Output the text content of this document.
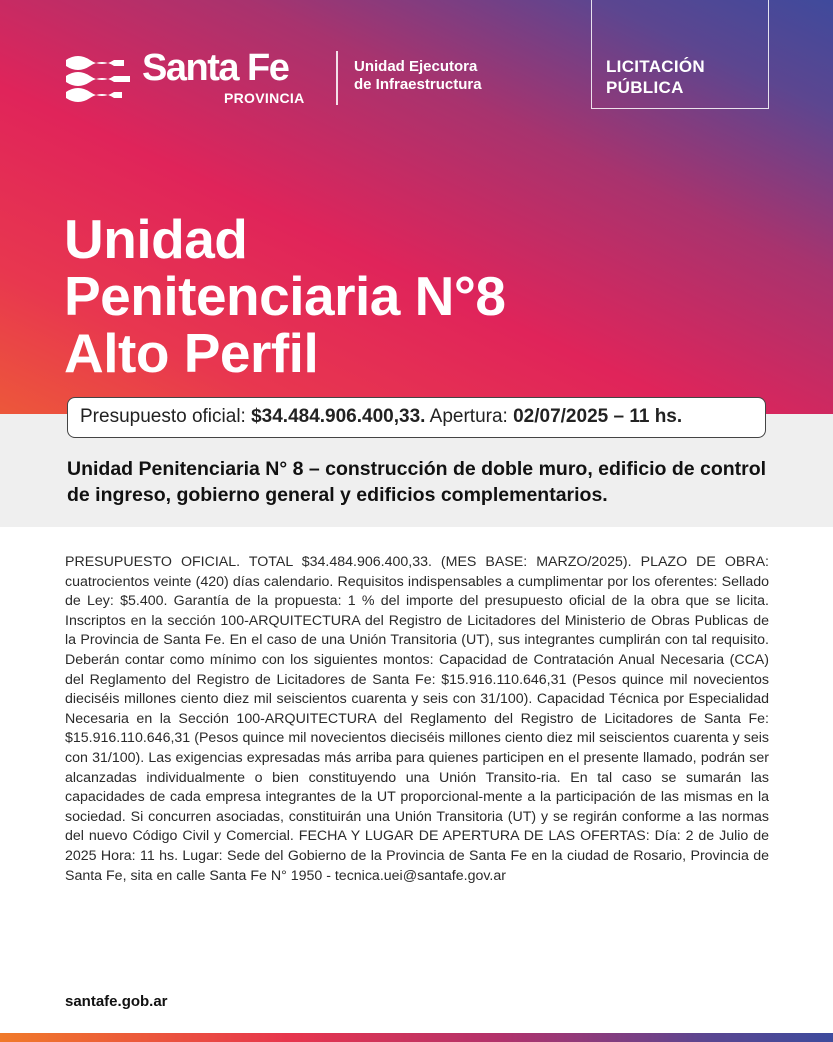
Santa Fe
PROVINCIA
Unidad Ejecutora
de Infraestructura
LICITACIÓN
PÚBLICA
Unidad
Penitenciaria N°8
Alto Perfil
Presupuesto oficial: $34.484.906.400,33. Apertura: 02/07/2025 – 11 hs.
Unidad Penitenciaria N° 8 – construcción de doble muro, edificio de control de ingreso, gobierno general y edificios complementarios.
PRESUPUESTO OFICIAL. TOTAL $34.484.906.400,33. (MES BASE: MARZO/2025). PLAZO DE OBRA: cuatrocientos veinte (420) días calendario. Requisitos indispensables a cumplimentar por los oferentes: Sellado de Ley: $5.400. Garantía de la propuesta: 1 % del importe del presupuesto oficial de la obra que se licita. Inscriptos en la sección 100-ARQUITECTURA del Registro de Licitadores del Ministerio de Obras Publicas de la Provincia de Santa Fe. En el caso de una Unión Transitoria (UT), sus integrantes cumplirán con tal requisito. Deberán contar como mínimo con los siguientes montos: Capacidad de Contratación Anual Necesaria (CCA) del Reglamento del Registro de Licitadores de Santa Fe: $15.916.110.646,31 (Pesos quince mil novecientos dieciséis millones ciento diez mil seiscientos cuarenta y seis con 31/100). Capacidad Técnica por Especialidad Necesaria en la Sección 100-ARQUITECTURA del Reglamento del Registro de Licitadores de Santa Fe: $15.916.110.646,31 (Pesos quince mil novecientos dieciséis millones ciento diez mil seiscientos cuarenta y seis con 31/100). Las exigencias expresadas más arriba para quienes participen en el presente llamado, podrán ser alcanzadas individualmente o bien constituyendo una Unión Transito-ria. En tal caso se sumarán las capacidades de cada empresa integrantes de la UT proporcional-mente a la participación de las mismas en la sociedad. Si concurren asociadas, constituirán una Unión Transitoria (UT) y se regirán conforme a las normas del nuevo Código Civil y Comercial. FECHA Y LUGAR DE APERTURA DE LAS OFERTAS: Día: 2 de Julio de 2025 Hora: 11 hs. Lugar: Sede del Gobierno de la Provincia de Santa Fe en la ciudad de Rosario, Provincia de Santa Fe, sita en calle Santa Fe N° 1950 - tecnica.uei@santafe.gov.ar
santafe.gob.ar
